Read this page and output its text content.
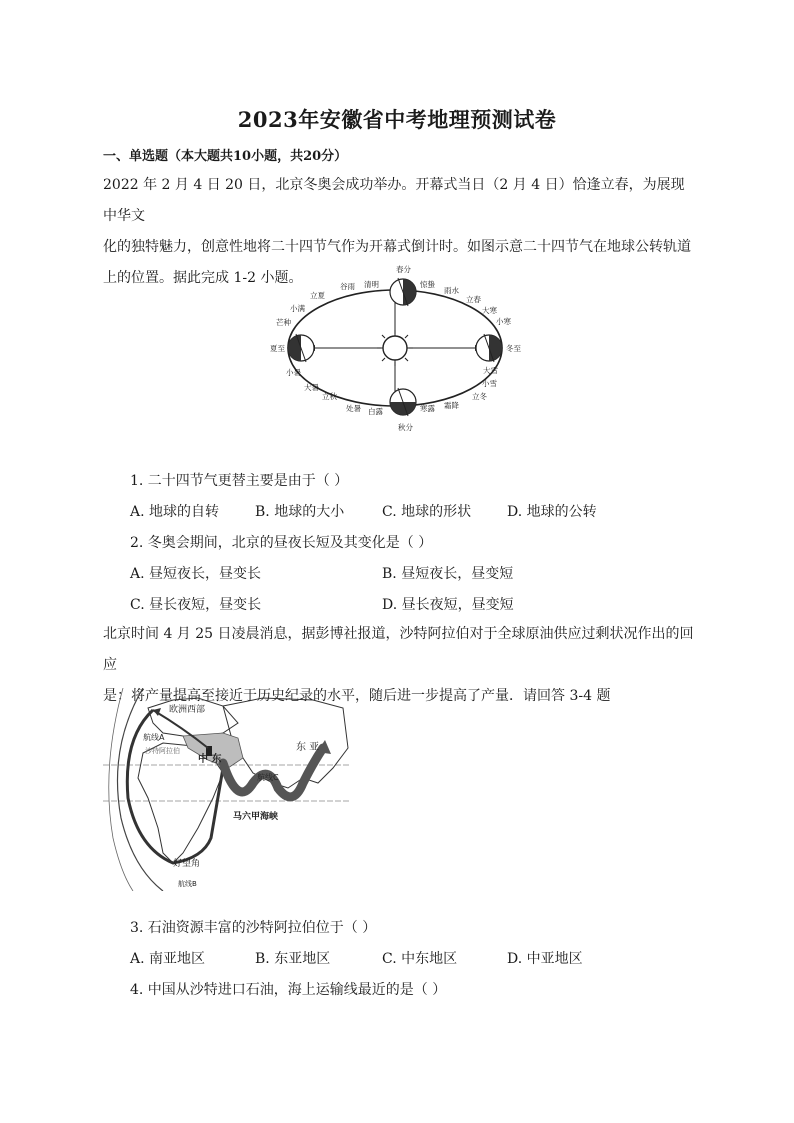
2023年安徽省中考地理预测试卷
一、单选题（本大题共10小题，共20分）
2022 年 2 月 4 日 20 日，北京冬奥会成功举办。开幕式当日（2 月 4 日）恰逢立春，为展现中华文
化的独特魅力，创意性地将二十四节气作为开幕式倒计时。如图示意二十四节气在地球公转轨道
上的位置。据此完成 1-2 小题。
春分
清明
谷雨
立夏
小满
芒种
夏至
小暑
大暑
立秋
处暑 白露
秋分
寒露 霜降
立冬
小雪
大雪
冬至
小寒
大寒
立春
雨水
惊蛰
1. 二十四节气更替主要是由于（ ）
A. 地球的自转	B. 地球的大小	C. 地球的形状	D. 地球的公转
2. 冬奥会期间，北京的昼夜长短及其变化是（ ）
A. 昼短夜长，昼变长	B. 昼短夜长，昼变短
C. 昼长夜短，昼变长	D. 昼长夜短，昼变短
北京时间 4 月 25 日凌晨消息，据彭博社报道，沙特阿拉伯对于全球原油供应过剩状况作出的回应
是：将产量提高至接近于历史纪录的水平，随后进一步提高了产量．请回答 3-4 题
欧洲西部
航线A
沙特阿拉伯
中 东
东 亚
航线C
马六甲海峡
好望角
航线B
3. 石油资源丰富的沙特阿拉伯位于（ ）
A. 南亚地区	B. 东亚地区	C. 中东地区	D. 中亚地区
4. 中国从沙特进口石油，海上运输线最近的是（ ）
